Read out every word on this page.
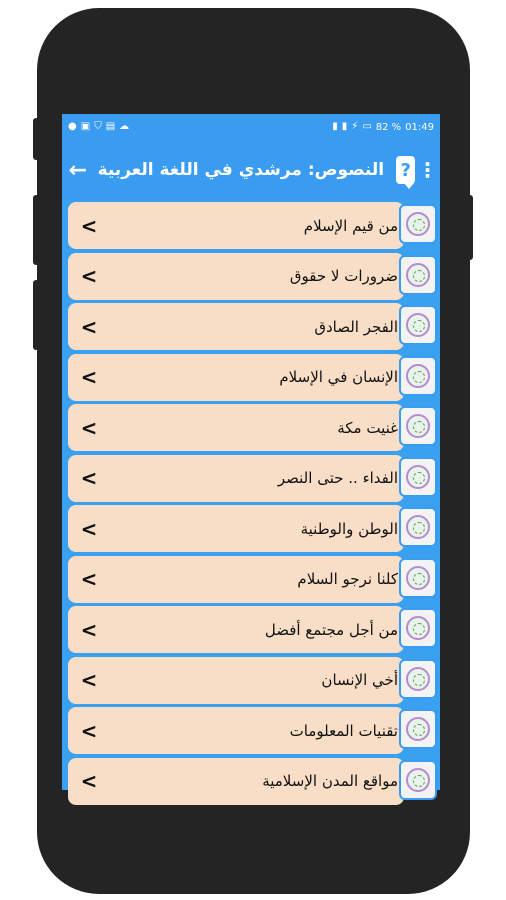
● ▣ ⛉ ▤ ☁	▮ ▮ ⚡ ▭ 82 % 01:49
← النصوص: مرشدي في اللغة العربية ? ⋮
<	من قيم الإسلام
<	ضرورات لا حقوق
<	الفجر الصادق
<	الإنسان في الإسلام
<	غنيت مكة
<	الفداء .. حتى النصر
<	الوطن والوطنية
<	كلنا نرجو السلام
<	من أجل مجتمع أفضل
<	أخي الإنسان
<	تقنيات المعلومات
<	مواقع المدن الإسلامية
